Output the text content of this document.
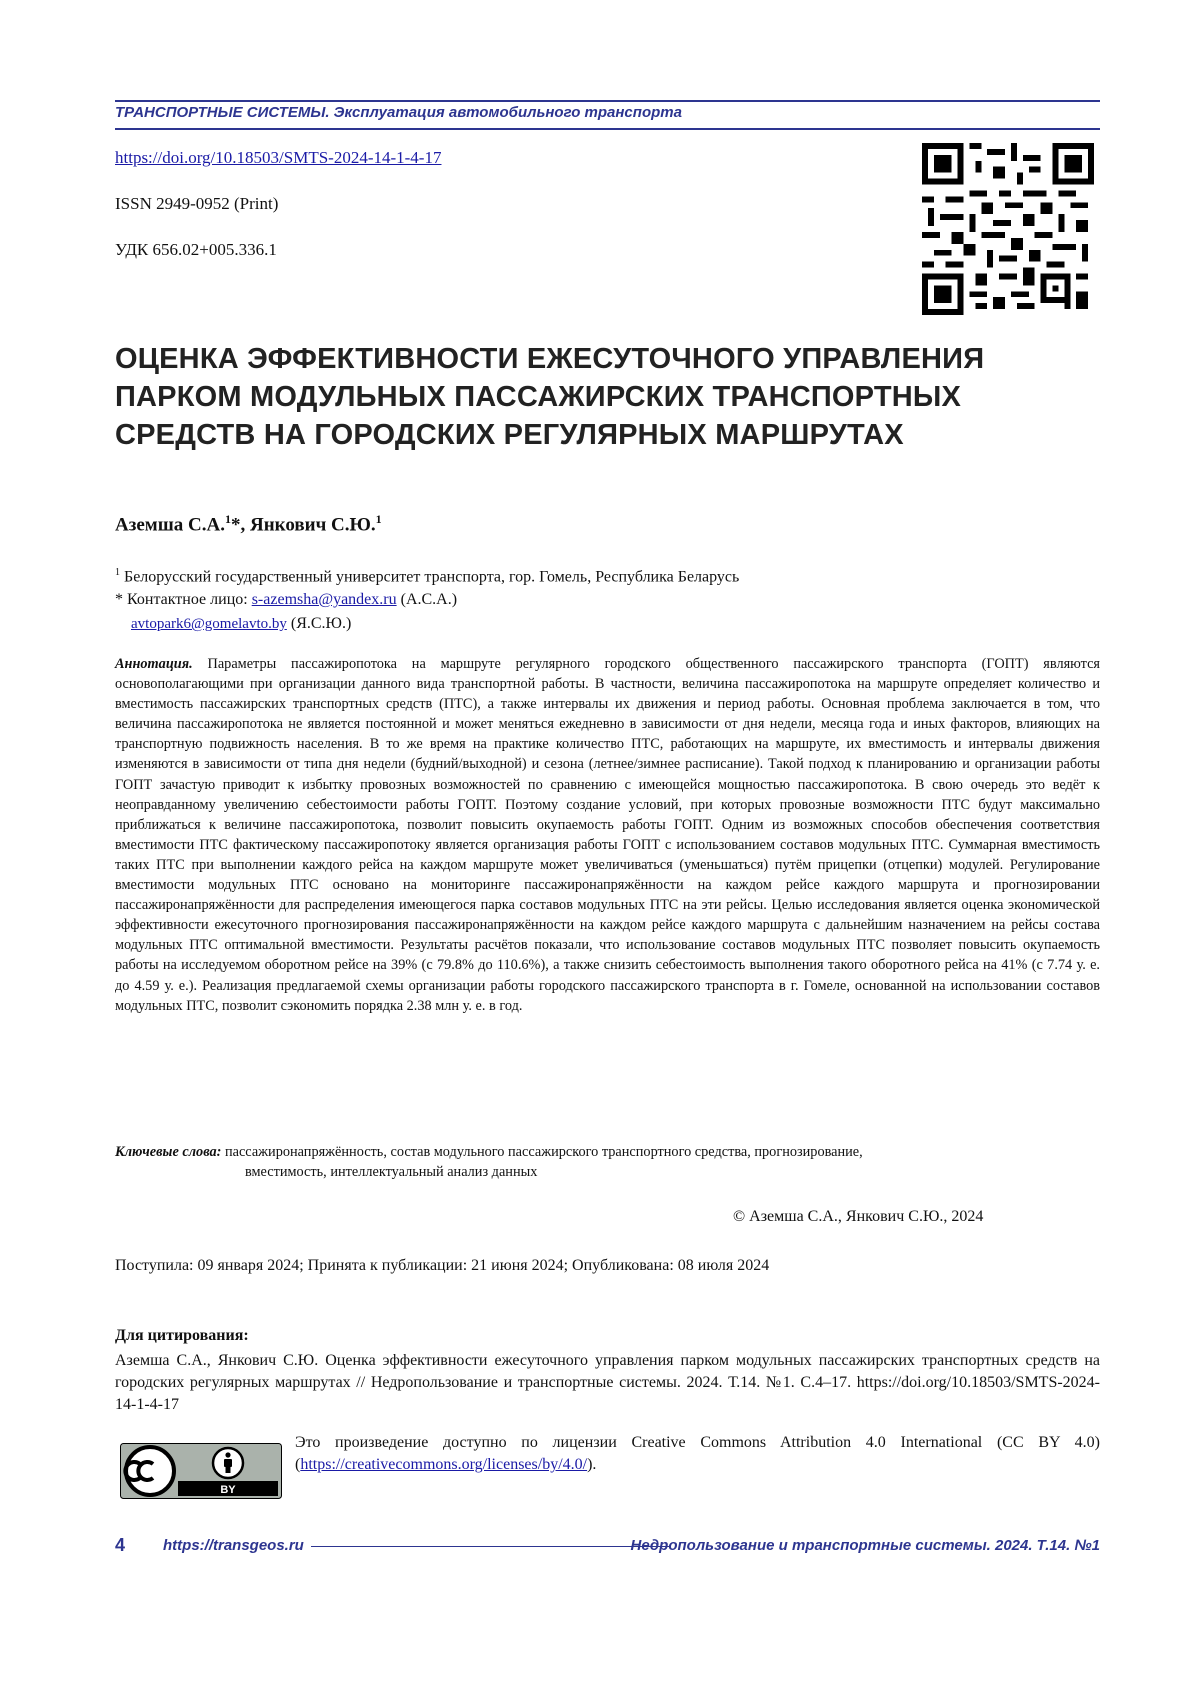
ТРАНСПОРТНЫЕ СИСТЕМЫ. Эксплуатация автомобильного транспорта
https://doi.org/10.18503/SMTS-2024-14-1-4-17
ISSN 2949-0952 (Print)
УДК 656.02+005.336.1
ОЦЕНКА ЭФФЕКТИВНОСТИ ЕЖЕСУТОЧНОГО УПРАВЛЕНИЯ ПАРКОМ МОДУЛЬНЫХ ПАССАЖИРСКИХ ТРАНСПОРТНЫХ СРЕДСТВ НА ГОРОДСКИХ РЕГУЛЯРНЫХ МАРШРУТАХ
Аземша С.А.$^1$*, Янкович С.Ю.$^1$
$^1$ Белорусский государственный университет транспорта, гор. Гомель, Республика Беларусь
* Контактное лицо: s-azemsha@yandex.ru (А.С.А.)
avtopark6@gomelavto.by (Я.С.Ю.)
Аннотация. Параметры пассажиропотока на маршруте регулярного городского общественного пассажирского транспорта (ГОПТ) являются основополагающими при организации данного вида транспортной работы. В частности, величина пассажиропотока на маршруте определяет количество и вместимость пассажирских транспортных средств (ПТС), а также интервалы их движения и период работы. Основная проблема заключается в том, что величина пассажиропотока не является постоянной и может меняться ежедневно в зависимости от дня недели, месяца года и иных факторов, влияющих на транспортную подвижность населения. В то же время на практике количество ПТС, работающих на маршруте, их вместимость и интервалы движения изменяются в зависимости от типа дня недели (будний/выходной) и сезона (летнее/зимнее расписание). Такой подход к планированию и организации работы ГОПТ зачастую приводит к избытку провозных возможностей по сравнению с имеющейся мощностью пассажиропотока. В свою очередь это ведёт к неоправданному увеличению себестоимости работы ГОПТ. Поэтому создание условий, при которых провозные возможности ПТС будут максимально приближаться к величине пассажиропотока, позволит повысить окупаемость работы ГОПТ. Одним из возможных способов обеспечения соответствия вместимости ПТС фактическому пассажиропотоку является организация работы ГОПТ с использованием составов модульных ПТС. Суммарная вместимость таких ПТС при выполнении каждого рейса на каждом маршруте может увеличиваться (уменьшаться) путём прицепки (отцепки) модулей. Регулирование вместимости модульных ПТС основано на мониторинге пассажиронапряжённости на каждом рейсе каждого маршрута и прогнозировании пассажиронапряжённости для распределения имеющегося парка составов модульных ПТС на эти рейсы. Целью исследования является оценка экономической эффективности ежесуточного прогнозирования пассажиронапряжённости на каждом рейсе каждого маршрута с дальнейшим назначением на рейсы состава модульных ПТС оптимальной вместимости. Результаты расчётов показали, что использование составов модульных ПТС позволяет повысить окупаемость работы на исследуемом оборотном рейсе на 39% (с 79.8% до 110.6%), а также снизить себестоимость выполнения такого оборотного рейса на 41% (с 7.74 у. е. до 4.59 у. е.). Реализация предлагаемой схемы организации работы городского пассажирского транспорта в г. Гомеле, основанной на использовании составов модульных ПТС, позволит сэкономить порядка 2.38 млн у. е. в год.
Ключевые слова: пассажиронапряжённость, состав модульного пассажирского транспортного средства, прогнозирование,
вместимость, интеллектуальный анализ данных
© Аземша С.А., Янкович С.Ю., 2024
Поступила: 09 января 2024; Принята к публикации: 21 июня 2024; Опубликована: 08 июля 2024
Для цитирования:
Аземша С.А., Янкович С.Ю. Оценка эффективности ежесуточного управления парком модульных пассажирских транспортных средств на городских регулярных маршрутах // Недропользование и транспортные системы. 2024. Т.14. №1. С.4–17. https://doi.org/10.18503/SMTS-2024-14-1-4-17
BY
Это произведение доступно по лицензии Creative Commons Attribution 4.0 International (CC BY 4.0) (https://creativecommons.org/licenses/by/4.0/).
4	https://transgeos.ru	Недропользование и транспортные системы. 2024. Т.14. №1
